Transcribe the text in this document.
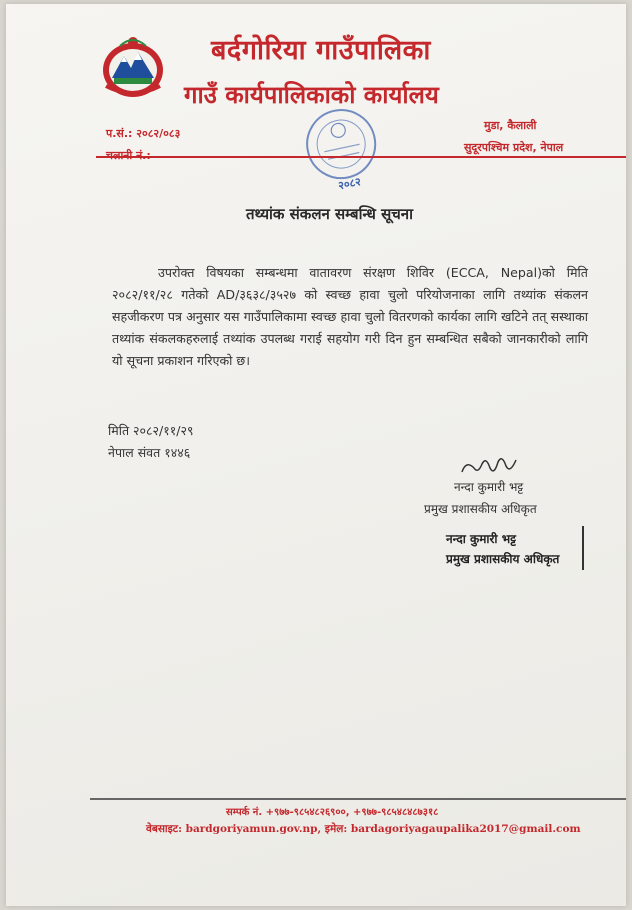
बर्दगोरिया गाउँपालिका
गाउँ कार्यपालिकाको कार्यालय
प.सं.: २०८२/०८३
मुडा, कैलाली
सुदूरपश्चिम प्रदेश, नेपाल
२०८२
तथ्यांक संकलन सम्बन्धि सूचना

उपरोक्त विषयका सम्बन्धमा वातावरण संरक्षण शिविर (ECCA, Nepal)को मिति २०८२/११/२८ गतेको AD/३६३८/३५२७ को स्वच्छ हावा चुलो परियोजनाका लागि तथ्यांक संकलन सहजीकरण पत्र अनुसार यस गाउँपालिकामा स्वच्छ हावा चुलो वितरणको कार्यका लागि खटिने तत् सस्थाका तथ्यांक संकलकहरुलाई तथ्यांक उपलब्ध गराई सहयोग गरी दिन हुन सम्बन्धित सबैको जानकारीको लागि यो सूचना प्रकाशन गरिएको छ।

मिति २०८२/११/२९
नेपाल संवत १४४६
नन्दा कुमारी भट्ट
प्रमुख प्रशासकीय अधिकृत
नन्दा कुमारी भट्ट
प्रमुख प्रशासकीय अधिकृत
सम्पर्क नं. +९७७-९८५४८२६९००, +९७७-९८५४८४८७३१८
वेबसाइट: bardgoriyamun.gov.np, इमेल: bardagoriyagaupalika2017@gmail.com
